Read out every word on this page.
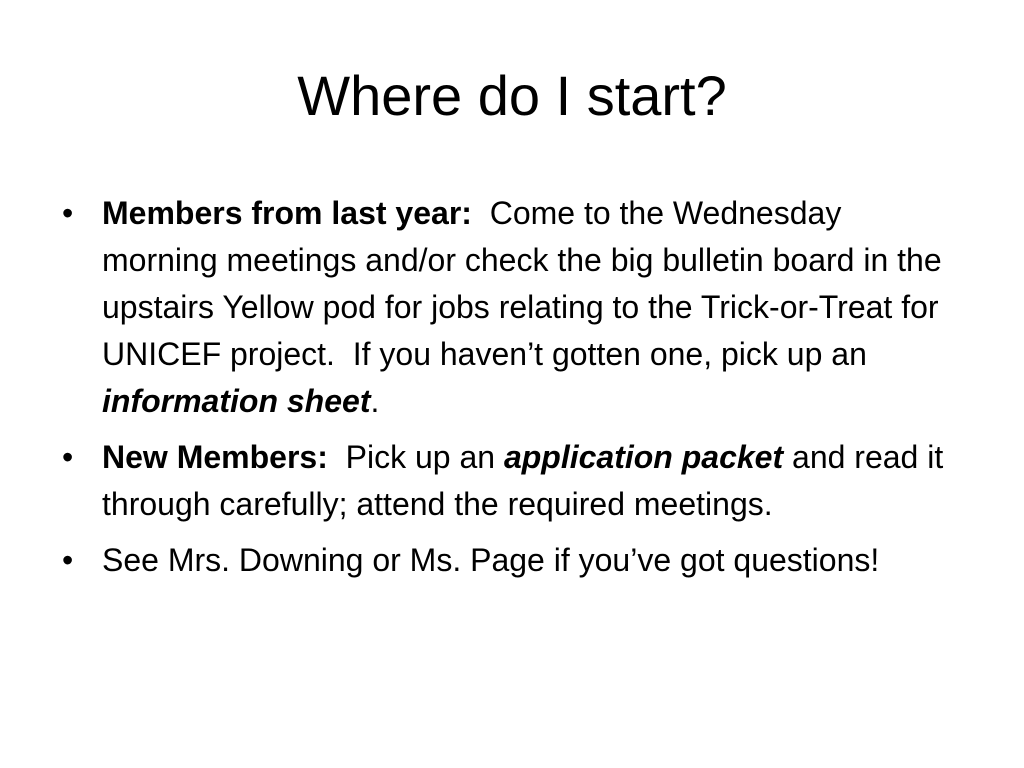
Where do I start?
• Members from last year:  Come to the Wednesday morning meetings and/or check the big bulletin board in the upstairs Yellow pod for jobs relating to the Trick-or-Treat for UNICEF project.  If you haven’t gotten one, pick up an information sheet.
• New Members:  Pick up an application packet and read it through carefully; attend the required meetings.
• See Mrs. Downing or Ms. Page if you’ve got questions!
